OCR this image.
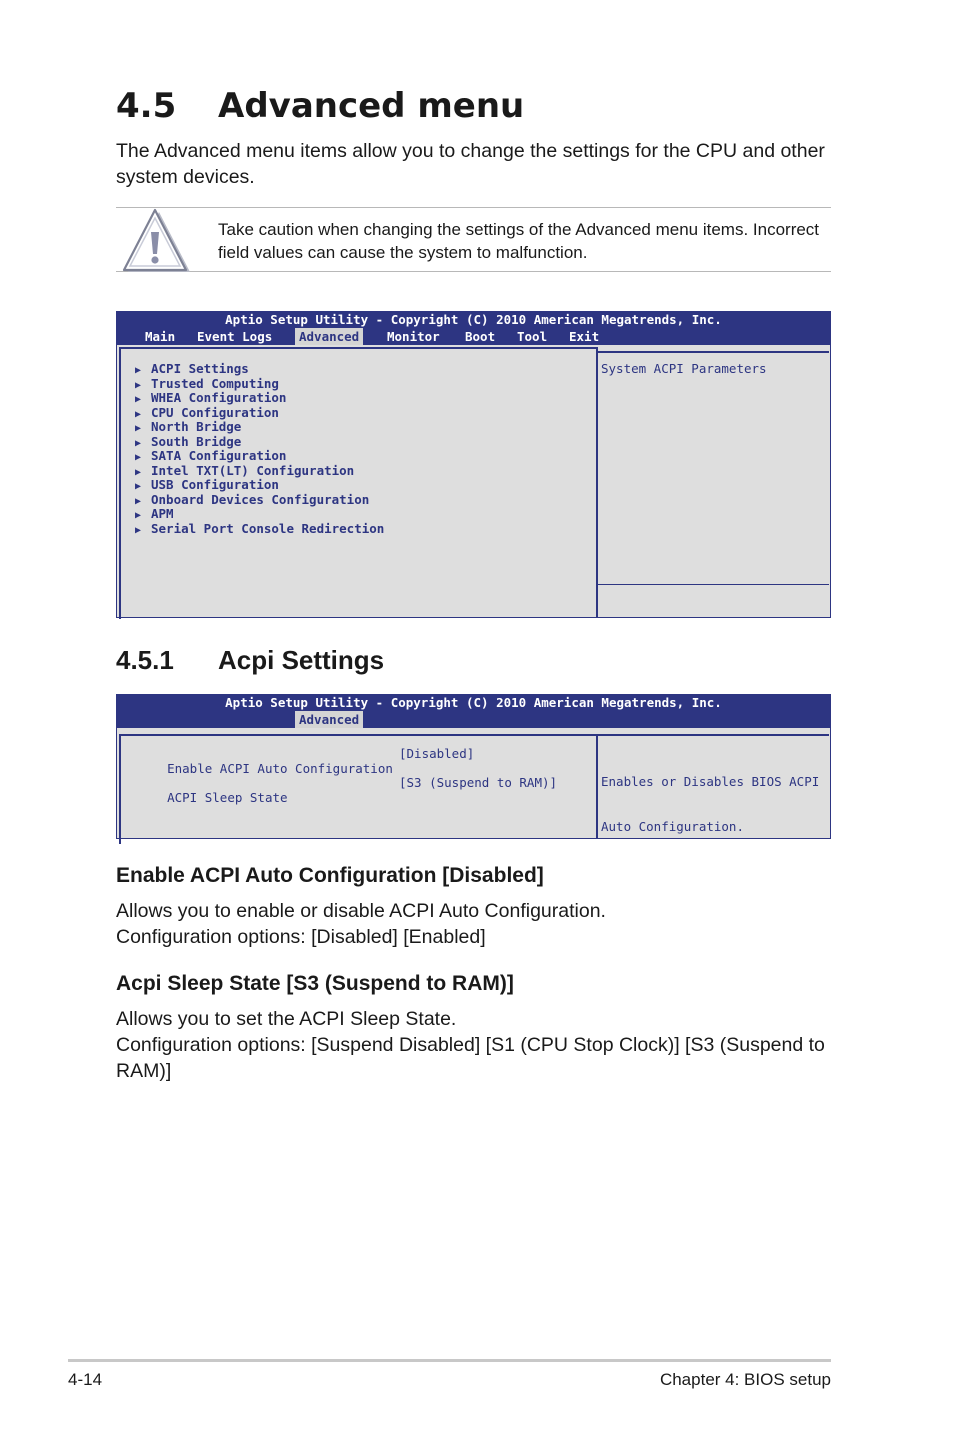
4.5 Advanced menu
The Advanced menu items allow you to change the settings for the CPU and other system devices.
Take caution when changing the settings of the Advanced menu items. Incorrect field values can cause the system to malfunction.
Aptio Setup Utility - Copyright (C) 2010 American Megatrends, Inc.
Main	Event Logs	Advanced	Monitor	Boot	Tool	Exit
▶ ACPI Settings
▶ Trusted Computing
▶ WHEA Configuration
▶ CPU Configuration
▶ North Bridge
▶ South Bridge
▶ SATA Configuration
▶ Intel TXT(LT) Configuration
▶ USB Configuration
▶ Onboard Devices Configuration
▶ APM
▶ Serial Port Console Redirection
System ACPI Parameters
4.5.1 Acpi Settings
Aptio Setup Utility - Copyright (C) 2010 American Megatrends, Inc.
Advanced

Enable ACPI Auto Configuration

[Disabled]

ACPI Sleep State

[S3 (Suspend to RAM)]

	Enables or Disables BIOS ACPI

Auto Configuration.

Enable ACPI Auto Configuration [Disabled]
Allows you to enable or disable ACPI Auto Configuration.
Configuration options: [Disabled] [Enabled]
Acpi Sleep State [S3 (Suspend to RAM)]
Allows you to set the ACPI Sleep State.
Configuration options: [Suspend Disabled] [S1 (CPU Stop Clock)] [S3 (Suspend to RAM)]
4-14	Chapter 4: BIOS setup
